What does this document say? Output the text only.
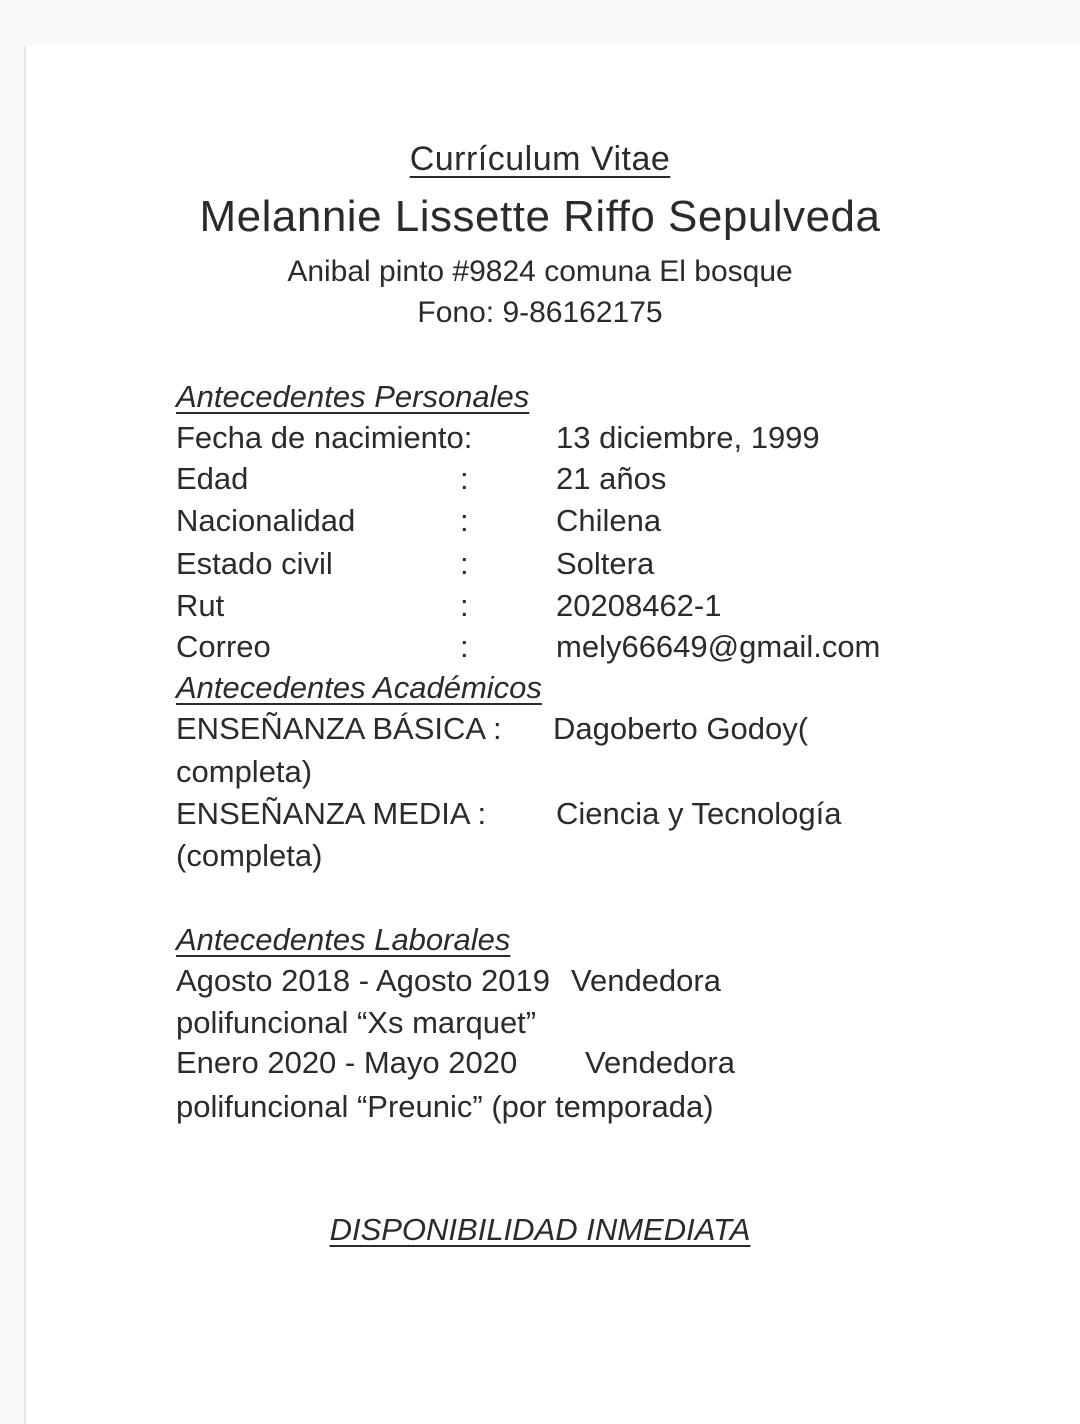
Currículum Vitae
Melannie Lissette Riffo Sepulveda
Anibal pinto #9824 comuna El bosque
Fono: 9-86162175
Antecedentes Personales
Fecha de nacimiento:	13 diciembre, 1999
Edad	:	21 años
Nacionalidad	:	Chilena
Estado civil	:	Soltera
Rut	:	20208462-1
Correo	:	mely66649@gmail.com
Antecedentes Académicos
ENSEÑANZA BÁSICA : Dagoberto Godoy(
completa)
ENSEÑANZA MEDIA : Ciencia y Tecnología
(completa)
Antecedentes Laborales
Agosto 2018 - Agosto 2019 Vendedora
polifuncional “Xs marquet”
Enero 2020 - Mayo 2020 Vendedora
polifuncional “Preunic” (por temporada)
DISPONIBILIDAD INMEDIATA
